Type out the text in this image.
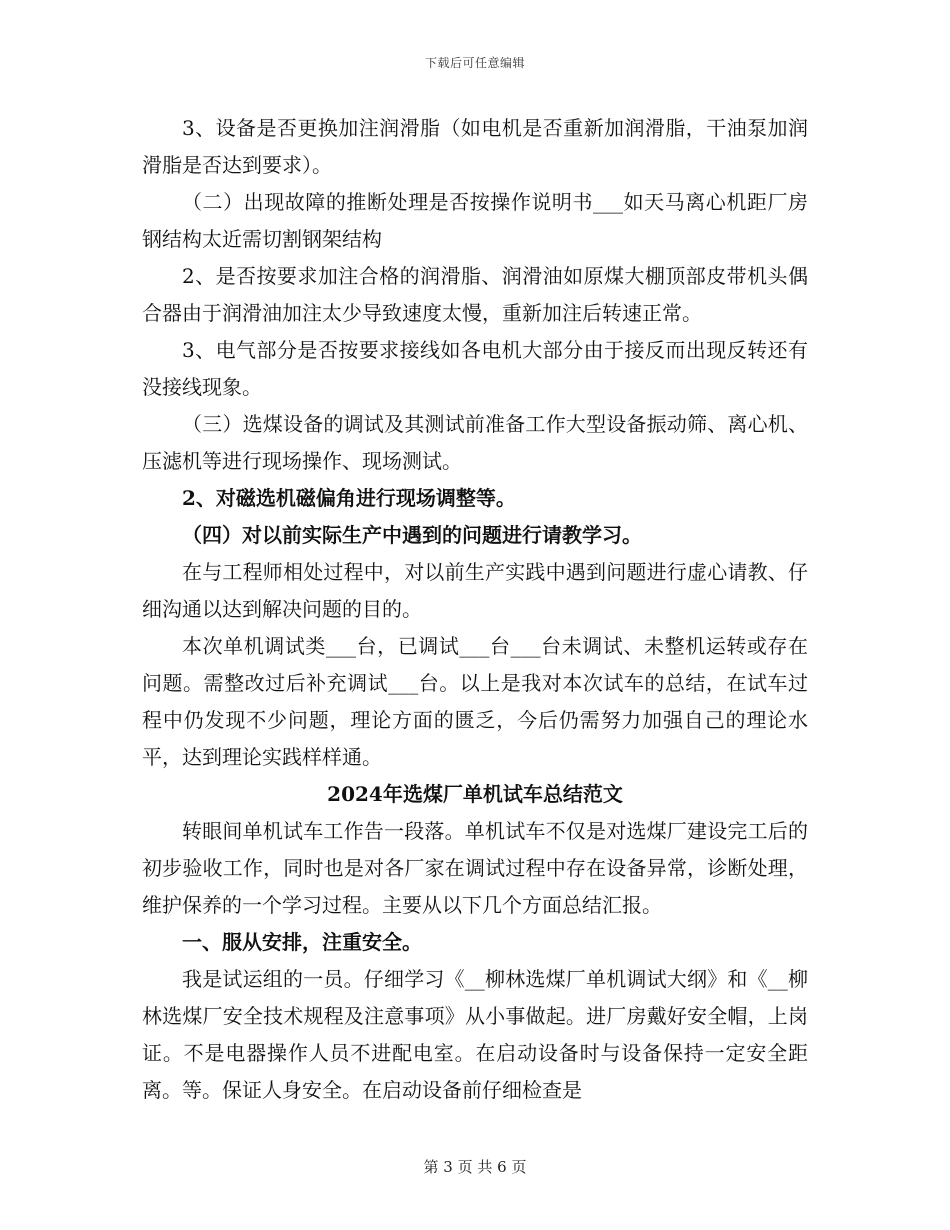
下载后可任意编辑

3、设备是否更换加注润滑脂（如电机是否重新加润滑脂，干油泵加润滑脂是否达到要求）。

（二）出现故障的推断处理是否按操作说明书___如天马离心机距厂房钢结构太近需切割钢架结构

2、是否按要求加注合格的润滑脂、润滑油如原煤大棚顶部皮带机头偶合器由于润滑油加注太少导致速度太慢，重新加注后转速正常。

3、电气部分是否按要求接线如各电机大部分由于接反而出现反转还有没接线现象。

（三）选煤设备的调试及其测试前准备工作大型设备振动筛、离心机、压滤机等进行现场操作、现场测试。

2、对磁选机磁偏角进行现场调整等。

（四）对以前实际生产中遇到的问题进行请教学习。

在与工程师相处过程中，对以前生产实践中遇到问题进行虚心请教、仔细沟通以达到解决问题的目的。

本次单机调试类___台，已调试___台___台未调试、未整机运转或存在问题。需整改过后补充调试___台。以上是我对本次试车的总结，在试车过程中仍发现不少问题，理论方面的匮乏，今后仍需努力加强自己的理论水平，达到理论实践样样通。

2024年选煤厂单机试车总结范文

转眼间单机试车工作告一段落。单机试车不仅是对选煤厂建设完工后的初步验收工作，同时也是对各厂家在调试过程中存在设备异常，诊断处理，维护保养的一个学习过程。主要从以下几个方面总结汇报。

一、服从安排，注重安全。

我是试运组的一员。仔细学习《__柳林选煤厂单机调试大纲》和《__柳林选煤厂安全技术规程及注意事项》从小事做起。进厂房戴好安全帽，上岗证。不是电器操作人员不进配电室。在启动设备时与设备保持一定安全距离。等。保证人身安全。在启动设备前仔细检查是

第 3 页 共 6 页
